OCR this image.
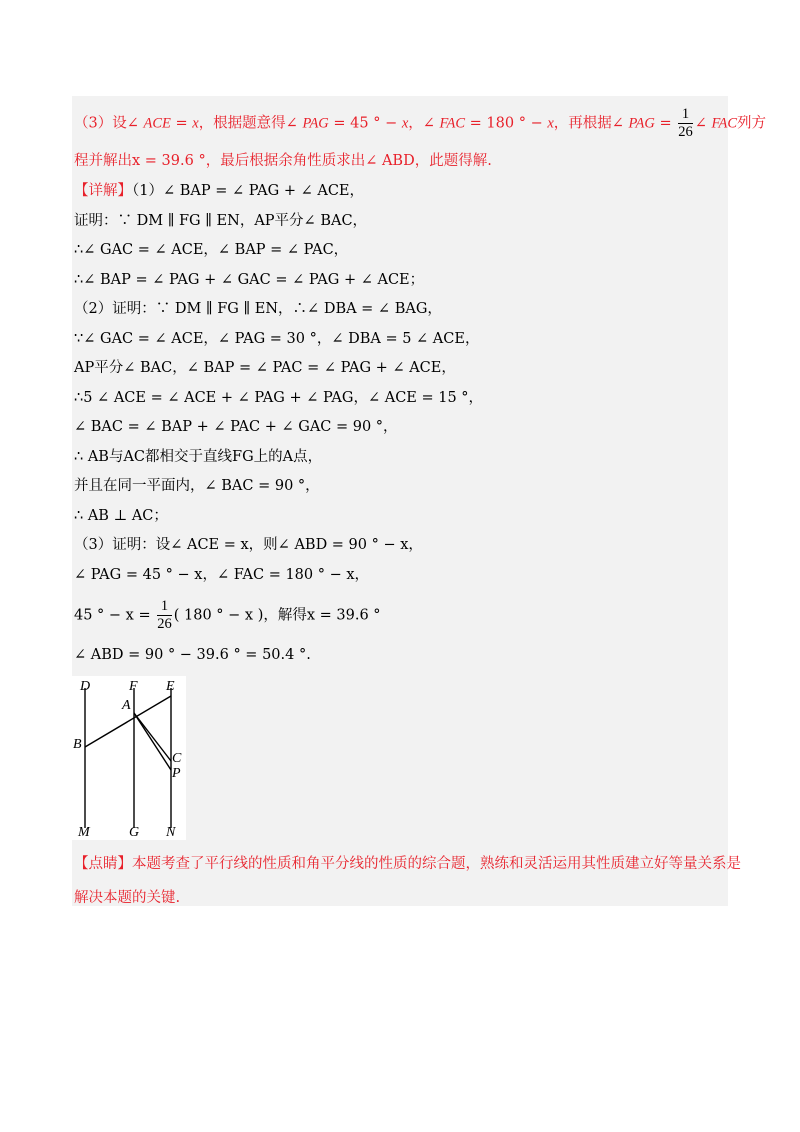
（3）设∠ ACE = x，根据题意得∠ PAG = 45 ° − x，∠ FAC = 180 ° − x，再根据∠ PAG = $\frac{1}{26}$ ∠ FAC列方
程并解出x = 39.6 °，最后根据余角性质求出∠ ABD，此题得解.
【详解】（1）∠ BAP = ∠ PAG + ∠ ACE，
证明：∵ DM ∥ FG ∥ EN，AP平分∠ BAC，
∴∠ GAC = ∠ ACE，∠ BAP = ∠ PAC，
∴∠ BAP = ∠ PAG + ∠ GAC = ∠ PAG + ∠ ACE；
（2）证明：∵ DM ∥ FG ∥ EN，∴∠ DBA = ∠ BAG，
∵∠ GAC = ∠ ACE，∠ PAG = 30 °，∠ DBA = 5 ∠ ACE，
AP平分∠ BAC，∠ BAP = ∠ PAC = ∠ PAG + ∠ ACE，
∴5 ∠ ACE = ∠ ACE + ∠ PAG + ∠ PAG，∠ ACE = 15 °，
∠ BAC = ∠ BAP + ∠ PAC + ∠ GAC = 90 °，
∴ AB与AC都相交于直线FG上的A点，
并且在同一平面内，∠ BAC = 90 °，
∴ AB ⊥ AC；
（3）证明：设∠ ACE = x，则∠ ABD = 90 ° − x，
∠ PAG = 45 ° − x，∠ FAC = 180 ° − x，
45 ° − $x = \frac{1}{26}$ ( 180 ° − x )，解得x = 39.6 °
∠ ABD = 90 ° − 39.6 ° = 50.4 °.
D	F E
A
B
C
P
M	G N
【点睛】本题考查了平行线的性质和角平分线的性质的综合题，熟练和灵活运用其性质建立好等量关系是
解决本题的关键.
